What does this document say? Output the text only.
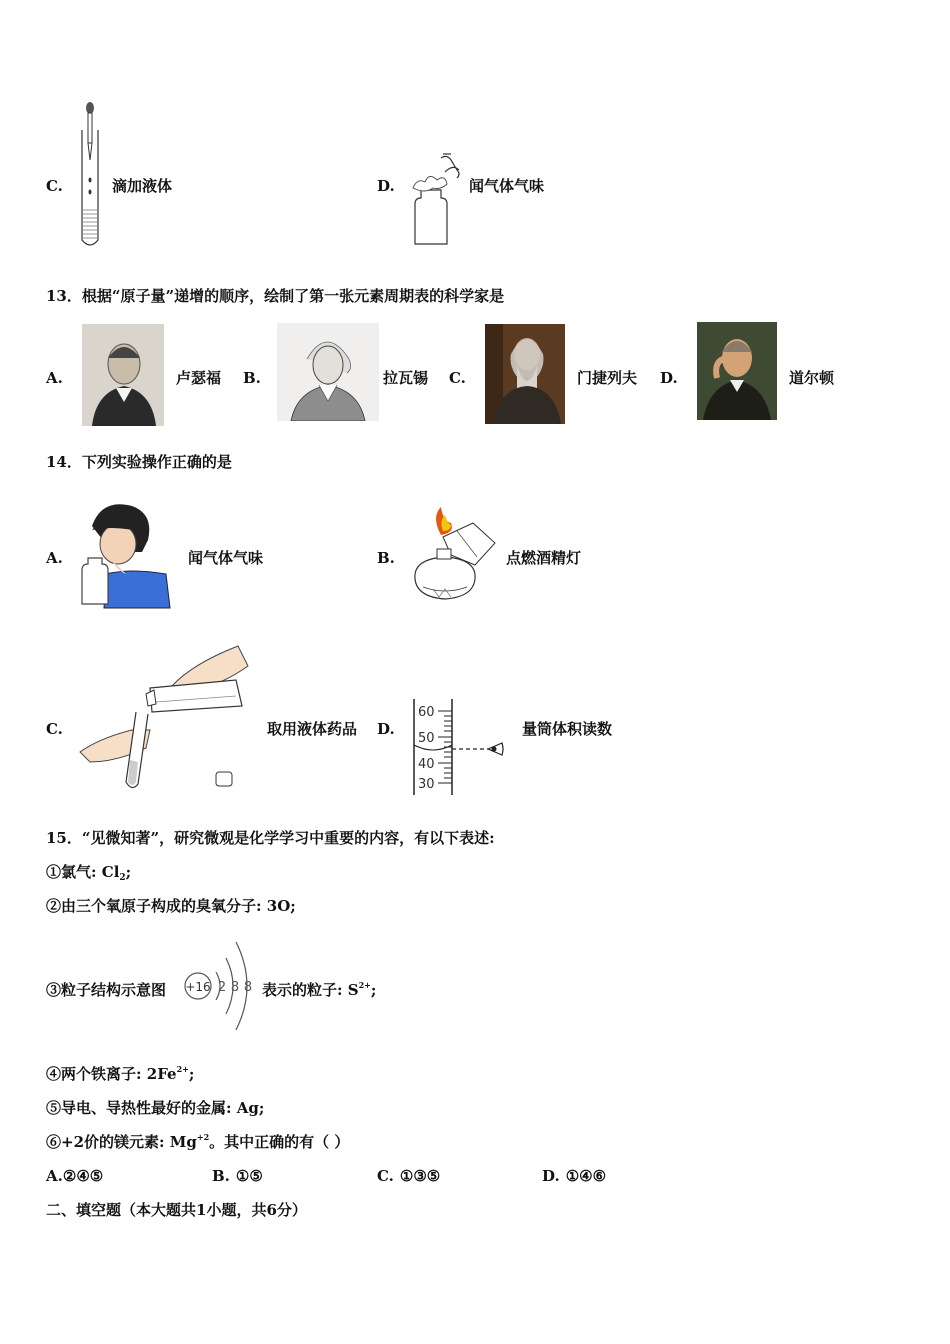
C.	滴加液体	D.	闻气体气味
13．根据“原子量”递增的顺序，绘制了第一张元素周期表的科学家是
A.	卢瑟福 B.	拉瓦锡 C.	门捷列夫 D.	道尔顿
14．下列实验操作正确的是
A.	闻气体气味	B.	点燃酒精灯
C.	取用液体药品 D.
60
50
40
30
量筒体积读数
15．“见微知著”，研究微观是化学学习中重要的内容，有以下表述:
①氯气: $Cl_2$;
②由三个氧原子构成的臭氧分子: 3O;
③粒子结构示意图 +16 2 8 8 表示的粒子: $S^{2+}$;
④两个铁离子: $2Fe^{2+}$;
⑤导电、导热性最好的金属: Ag;
⑥+2价的镁元素: $Mg^{+2}$。其中正确的有（ ）
A.②④⑤	B. ①⑤	C. ①③⑤	D. ①④⑥
二、填空题（本大题共1小题，共6分）
